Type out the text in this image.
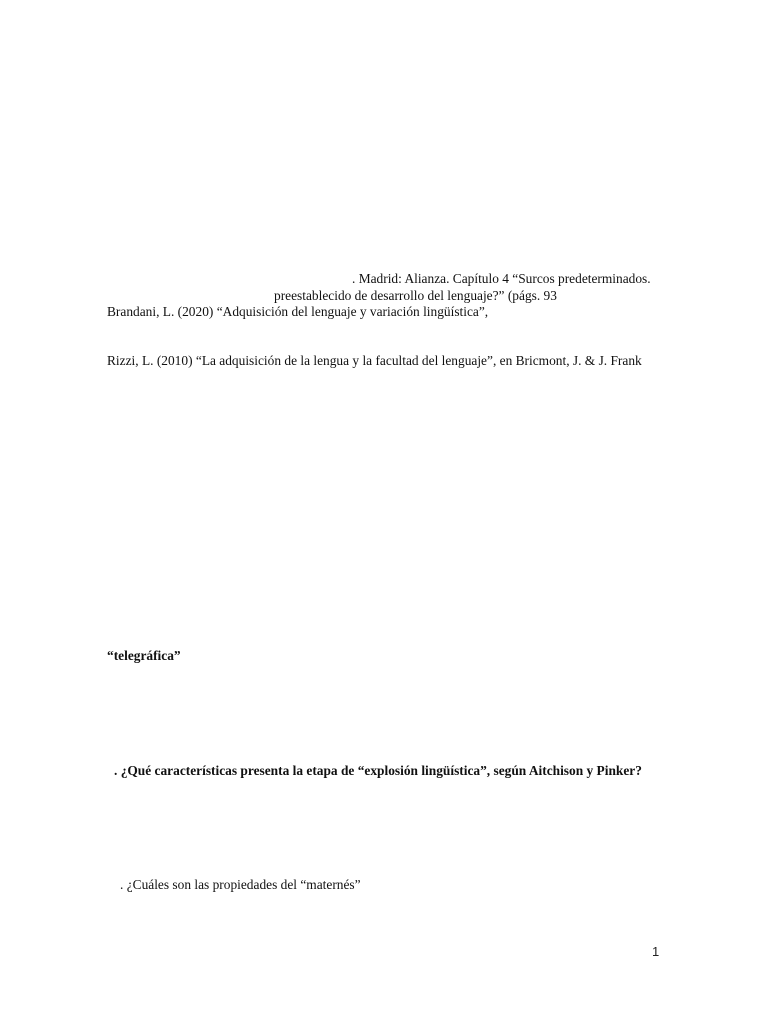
. Madrid: Alianza. Capítulo 4 “Surcos predeterminados.
preestablecido de desarrollo del lenguaje?” (págs. 93
Brandani, L. (2020) “Adquisición del lenguaje y variación lingüística”,
Rizzi, L. (2010) “La adquisición de la lengua y la facultad del lenguaje”, en Bricmont, J. & J. Frank
“telegráfica”
. ¿Qué características presenta la etapa de “explosión lingüística”, según Aitchison y Pinker?
. ¿Cuáles son las propiedades del “maternés”
1
